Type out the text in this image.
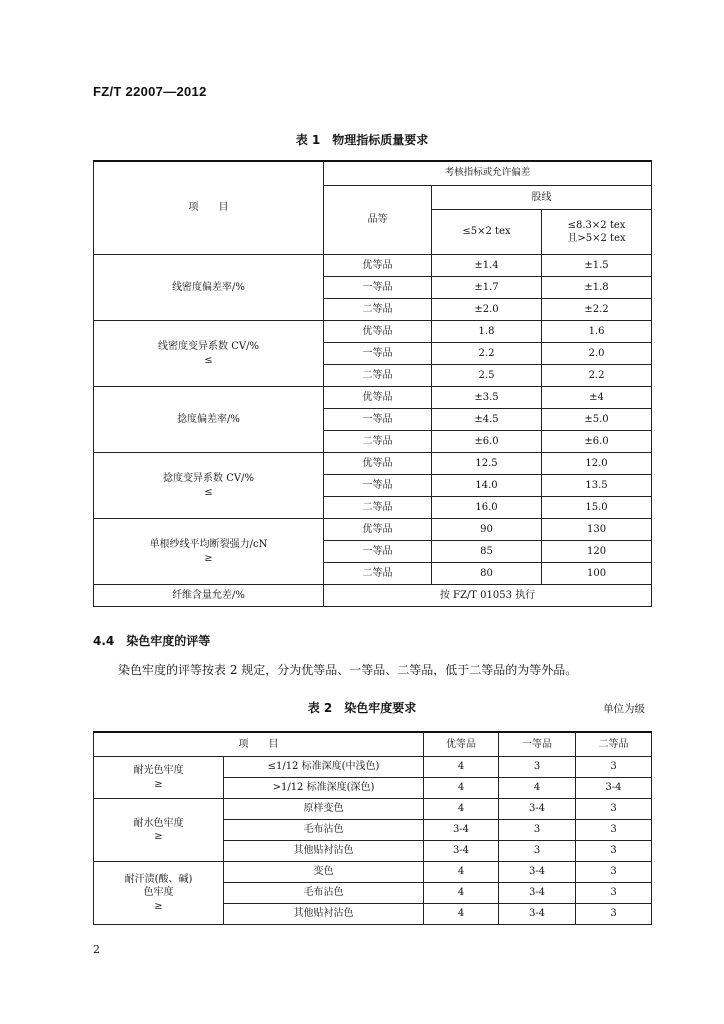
FZ/T 22007—2012
表 1　物理指标质量要求
项　　目	考核指标或允许偏差		
	品等	股线	
		≤5×2 tex	≤8.3×2 tex
且>5×2 tex

线密度偏差率/%	优等品	±1.4	±1.5
	一等品	±1.7	±1.8
	二等品	±2.0	±2.2

线密度变异系数 CV/%
≤	优等品	1.8	1.6
	一等品	2.2	2.0
	二等品	2.5	2.2

捻度偏差率/%	优等品	±3.5	±4
	一等品	±4.5	±5.0
	二等品	±6.0	±6.0

捻度变异系数 CV/%
≤	优等品	12.5	12.0
	一等品	14.0	13.5
	二等品	16.0	15.0

单根纱线平均断裂强力/cN
≥	优等品	90	130
	一等品	85	120
	二等品	80	100
纤维含量允差/%	按 FZ/T 01053 执行		
4.4　染色牢度的评等
染色牢度的评等按表 2 规定，分为优等品、一等品、二等品，低于二等品的为等外品。
表 2　染色牢度要求	单位为级
项　　目		优等品	一等品	二等品

耐光色牢度
≥	≤1/12 标准深度(中浅色)	4	3	3
	>1/12 标准深度(深色)	4	4	3-4

耐水色牢度
≥	原样变色	4	3-4	3
	毛布沾色	3-4	3	3
	其他贴衬沾色	3-4	3	3

耐汗渍(酸、碱)
色牢度
≥	变色	4	3-4	3
	毛布沾色	4	3-4	3
	其他贴衬沾色	4	3-4	3
2
